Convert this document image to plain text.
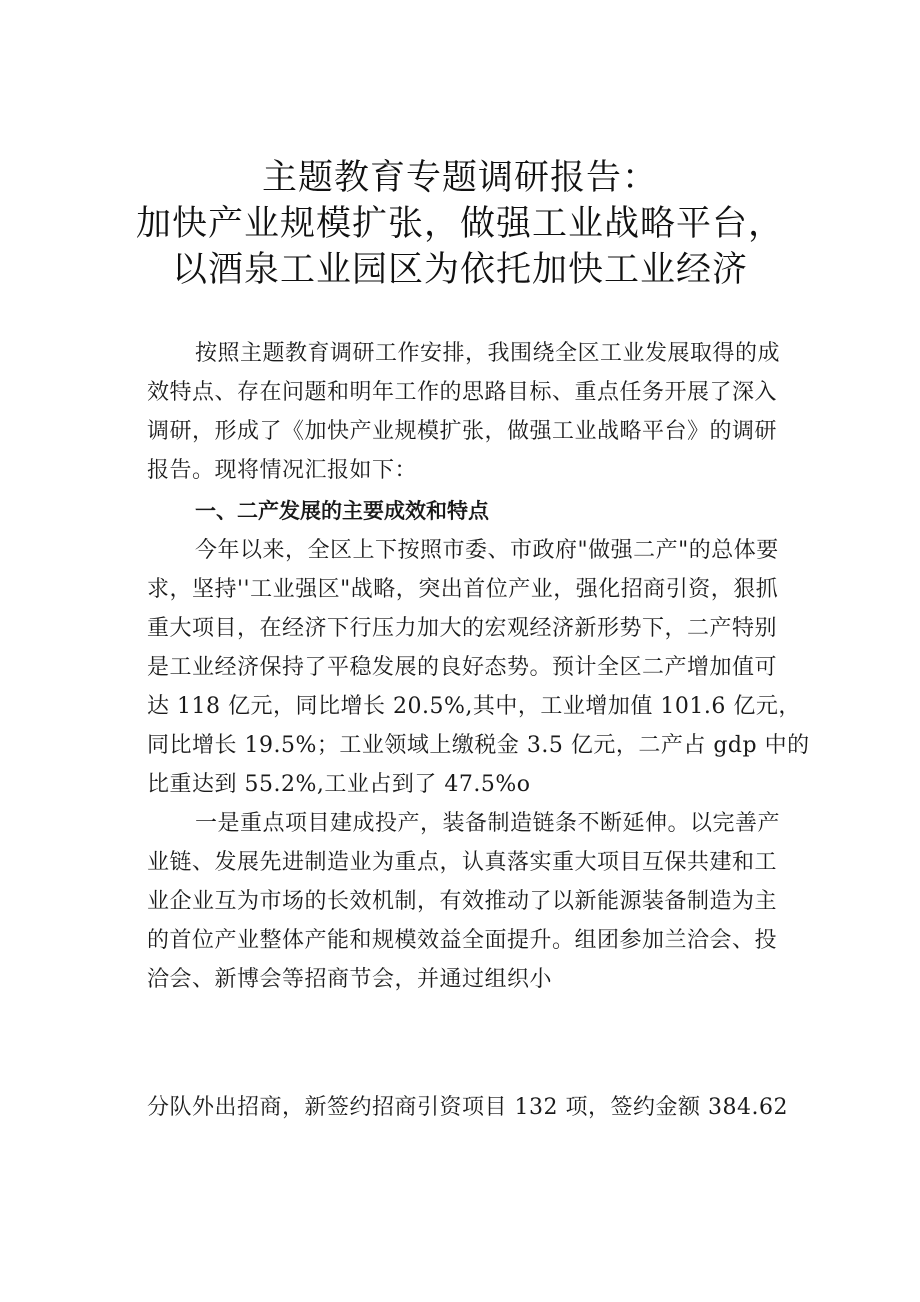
主题教育专题调研报告：
加快产业规模扩张，做强工业战略平台，
以酒泉工业园区为依托加快工业经济

按照主题教育调研工作安排，我围绕全区工业发展取得的成
效特点、存在问题和明年工作的思路目标、重点任务开展了深入
调研，形成了《加快产业规模扩张，做强工业战略平台》的调研
报告。现将情况汇报如下：

一、二产发展的主要成效和特点

今年以来，全区上下按照市委、市政府"做强二产"的总体要
求，坚持''工业强区"战略，突出首位产业，强化招商引资，狠抓
重大项目，在经济下行压力加大的宏观经济新形势下，二产特别
是工业经济保持了平稳发展的良好态势。预计全区二产增加值可
达 118 亿元，同比增长 20.5%,其中，工业增加值 101.6 亿元，
同比增长 19.5%；工业领域上缴税金 3.5 亿元，二产占 gdp 中的
比重达到 55.2%,工业占到了 47.5%o

一是重点项目建成投产，装备制造链条不断延伸。以完善产
业链、发展先进制造业为重点，认真落实重大项目互保共建和工
业企业互为市场的长效机制，有效推动了以新能源装备制造为主
的首位产业整体产能和规模效益全面提升。组团参加兰洽会、投
洽会、新博会等招商节会，并通过组织小

分队外出招商，新签约招商引资项目 132 项，签约金额 384.62
